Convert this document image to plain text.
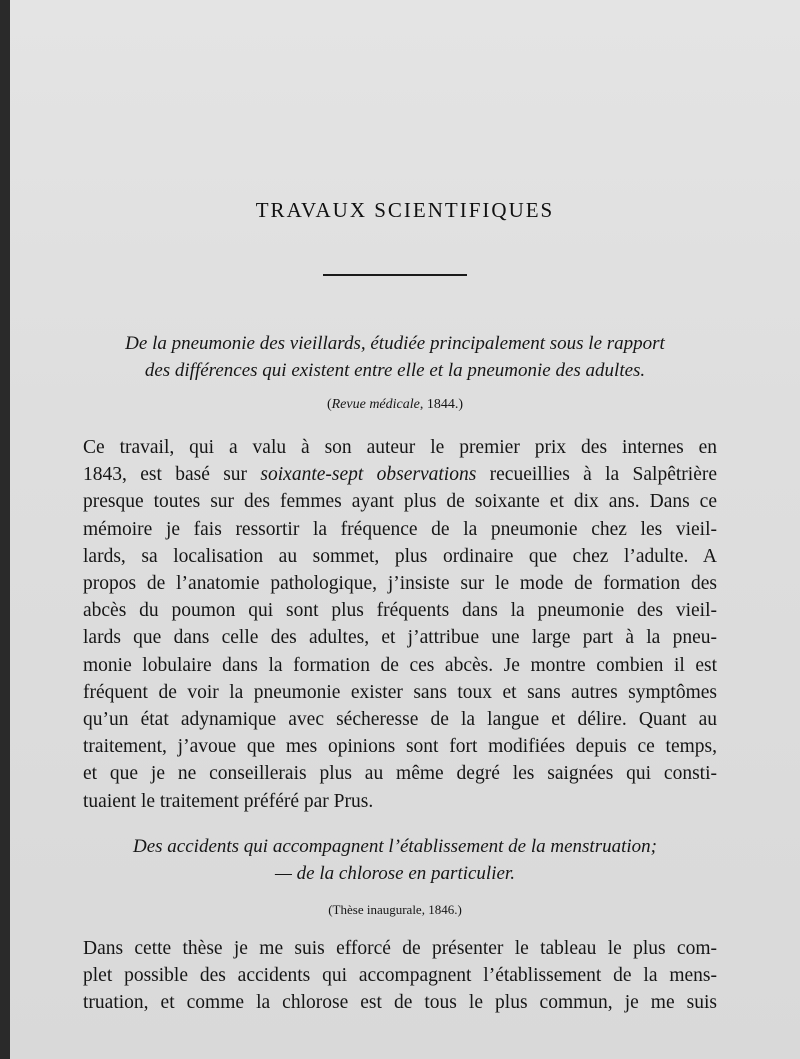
TRAVAUX SCIENTIFIQUES
De la pneumonie des vieillards, étudiée principalement sous le rapport
des différences qui existent entre elle et la pneumonie des adultes.
(Revue médicale, 1844.)
Ce travail, qui a valu à son auteur le premier prix des internes en
1843, est basé sur soixante-sept observations recueillies à la Salpêtrière
presque toutes sur des femmes ayant plus de soixante et dix ans. Dans ce
mémoire je fais ressortir la fréquence de la pneumonie chez les vieil-
lards, sa localisation au sommet, plus ordinaire que chez l’adulte. A
propos de l’anatomie pathologique, j’insiste sur le mode de formation des
abcès du poumon qui sont plus fréquents dans la pneumonie des vieil-
lards que dans celle des adultes, et j’attribue une large part à la pneu-
monie lobulaire dans la formation de ces abcès. Je montre combien il est
fréquent de voir la pneumonie exister sans toux et sans autres symptômes
qu’un état adynamique avec sécheresse de la langue et délire. Quant au
traitement, j’avoue que mes opinions sont fort modifiées depuis ce temps,
et que je ne conseillerais plus au même degré les saignées qui consti-
tuaient le traitement préféré par Prus.
Des accidents qui accompagnent l’établissement de la menstruation;
— de la chlorose en particulier.
(Thèse inaugurale, 1846.)
Dans cette thèse je me suis efforcé de présenter le tableau le plus com-
plet possible des accidents qui accompagnent l’établissement de la mens-
truation, et comme la chlorose est de tous le plus commun, je me suis
